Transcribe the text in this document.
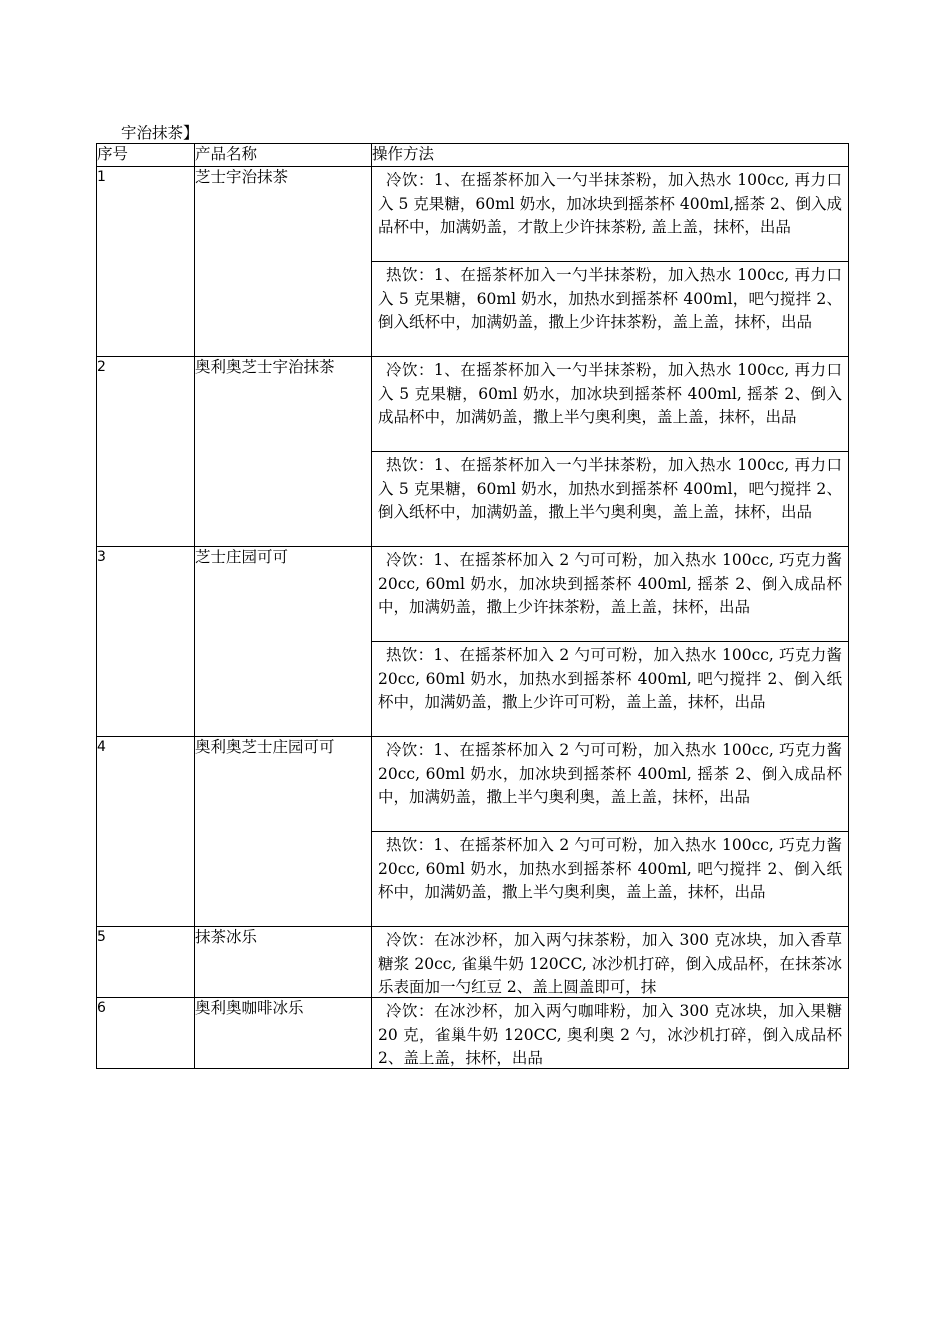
宇治抹茶】
序号	产品名称	操作方法
1	芝士宇治抹茶	冷饮：1、在摇茶杯加入一勺半抹茶粉，加入热水 100cc, 再力口入 5 克果糖，60ml 奶水，加冰块到摇茶杯 400ml,摇茶 2、倒入成品杯中，加满奶盖，才散上少许抹茶粉, 盖上盖，抹杯，出品

		热饮：1、在摇茶杯加入一勺半抹茶粉，加入热水 100cc, 再力口入 5 克果糖，60ml 奶水，加热水到摇茶杯 400ml，吧勺搅拌 2、倒入纸杯中，加满奶盖，撒上少许抹茶粉，盖上盖，抹杯，出品

2	奥利奥芝士宇治抹茶	冷饮：1、在摇茶杯加入一勺半抹茶粉，加入热水 100cc, 再力口入 5 克果糖，60ml 奶水，加冰块到摇茶杯 400ml, 摇茶 2、倒入成品杯中，加满奶盖，撒上半勺奥利奥，盖上盖，抹杯，出品

		热饮：1、在摇茶杯加入一勺半抹茶粉，加入热水 100cc, 再力口入 5 克果糖，60ml 奶水，加热水到摇茶杯 400ml，吧勺搅拌 2、倒入纸杯中，加满奶盖，撒上半勺奥利奥，盖上盖，抹杯，出品

3	芝士庄园可可	冷饮：1、在摇茶杯加入 2 勺可可粉，加入热水 100cc, 巧克力酱 20cc, 60ml 奶水，加冰块到摇茶杯 400ml, 摇茶 2、倒入成品杯中，加满奶盖，撒上少许抹茶粉，盖上盖，抹杯，出品

		热饮：1、在摇茶杯加入 2 勺可可粉，加入热水 100cc, 巧克力酱 20cc, 60ml 奶水，加热水到摇茶杯 400ml, 吧勺搅拌 2、倒入纸杯中，加满奶盖，撒上少许可可粉，盖上盖，抹杯，出品

4	奥利奥芝士庄园可可	冷饮：1、在摇茶杯加入 2 勺可可粉，加入热水 100cc, 巧克力酱 20cc, 60ml 奶水，加冰块到摇茶杯 400ml, 摇茶 2、倒入成品杯中，加满奶盖，撒上半勺奥利奥，盖上盖，抹杯，出品

		热饮：1、在摇茶杯加入 2 勺可可粉，加入热水 100cc, 巧克力酱 20cc, 60ml 奶水，加热水到摇茶杯 400ml, 吧勺搅拌 2、倒入纸杯中，加满奶盖，撒上半勺奥利奥，盖上盖，抹杯，出品

5	抹茶冰乐	冷饮：在冰沙杯，加入两勺抹茶粉，加入 300 克冰块，加入香草糖浆 20cc, 雀巢牛奶 120CC, 冰沙机打碎，倒入成品杯，在抹茶冰乐表面加一勺红豆 2、盖上圆盖即可，抹

6	奥利奥咖啡冰乐	冷饮：在冰沙杯，加入两勺咖啡粉，加入 300 克冰块，加入果糖 20 克，雀巢牛奶 120CC, 奥利奥 2 勺，冰沙机打碎，倒入成品杯 2、盖上盖，抹杯，出品
